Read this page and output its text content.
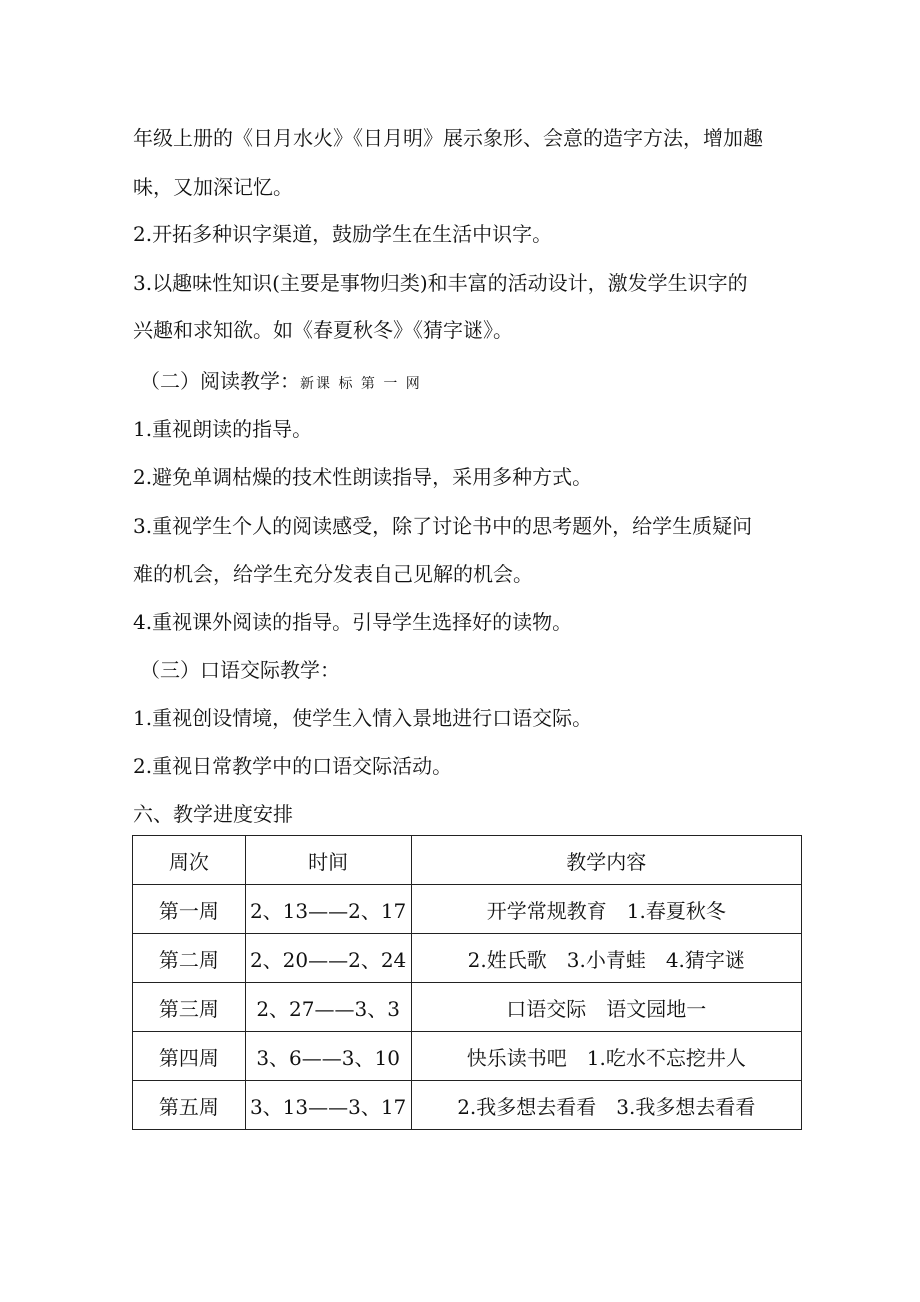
年级上册的《日月水火》《日月明》展示象形、会意的造字方法，增加趣

味，又加深记忆。

2.开拓多种识字渠道，鼓励学生在生活中识字。

3.以趣味性知识(主要是事物归类)和丰富的活动设计，激发学生识字的

兴趣和求知欲。如《春夏秋冬》《猜字谜》。

（二）阅读教学：新课 标 第 一 网

1.重视朗读的指导。

2.避免单调枯燥的技术性朗读指导，采用多种方式。

3.重视学生个人的阅读感受，除了讨论书中的思考题外，给学生质疑问

难的机会，给学生充分发表自己见解的机会。

4.重视课外阅读的指导。引导学生选择好的读物。

（三）口语交际教学：

1.重视创设情境，使学生入情入景地进行口语交际。

2.重视日常教学中的口语交际活动。

六、教学进度安排

周次	时间	教学内容
第一周	2、13——2、17	开学常规教育　1.春夏秋冬
第二周	2、20——2、24	2.姓氏歌　3.小青蛙　4.猜字谜
第三周	2、27——3、3	口语交际　语文园地一
第四周	3、6——3、10	快乐读书吧　1.吃水不忘挖井人
第五周	3、13——3、17	2.我多想去看看　3.我多想去看看
